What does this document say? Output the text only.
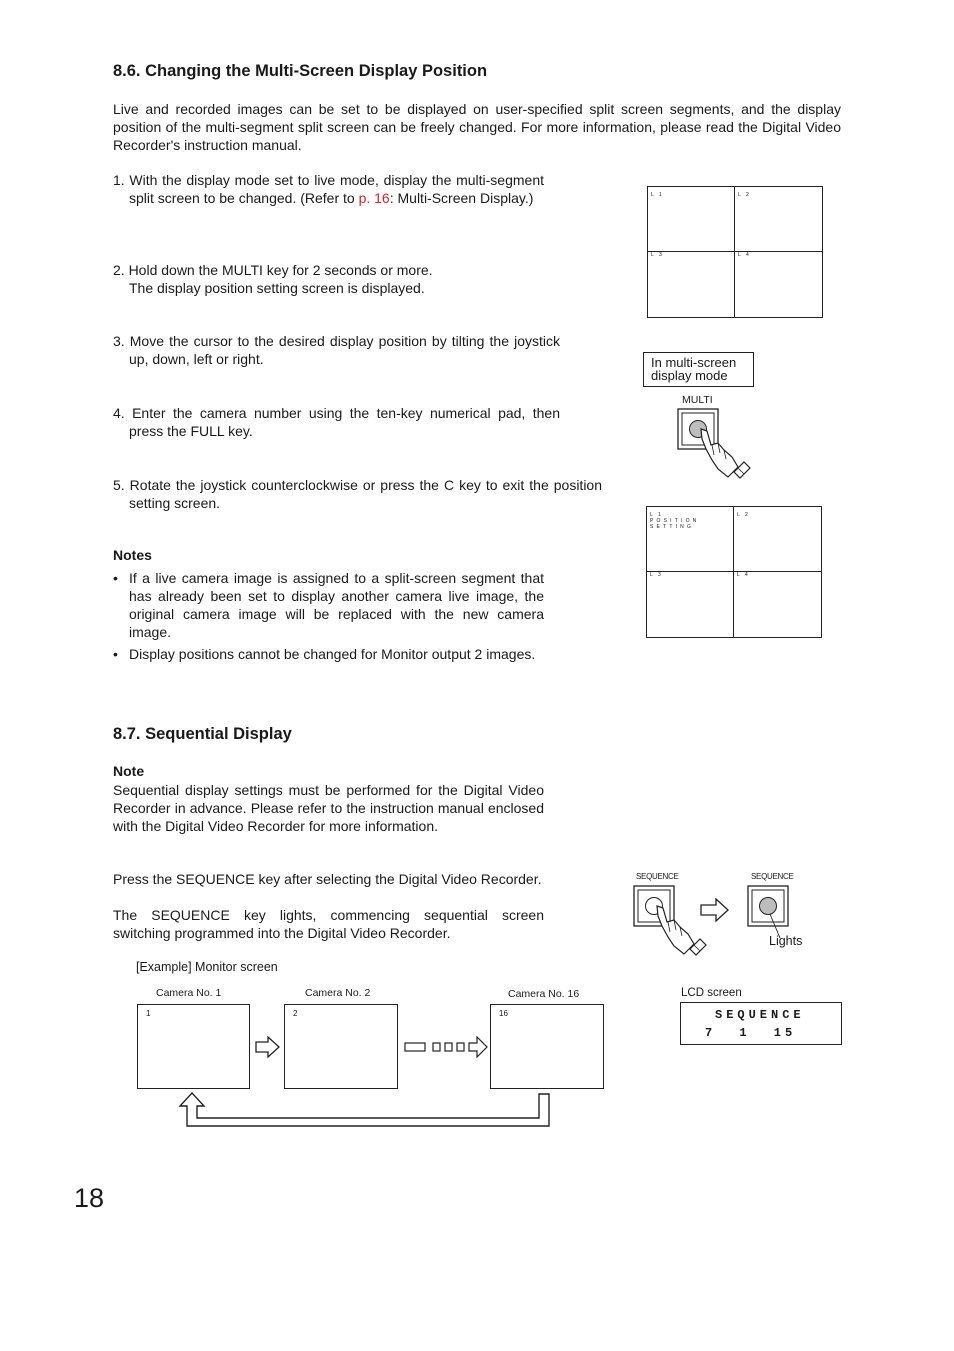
8.6. Changing the Multi-Screen Display Position
Live and recorded images can be set to be displayed on user-specified split screen segments, and the display position of the multi-segment split screen can be freely changed. For more information, please read the Digital Video Recorder's instruction manual.
1. With the display mode set to live mode, display the multi-segment split screen to be changed. (Refer to p. 16: Multi-Screen Display.)
2. Hold down the MULTI key for 2 seconds or more.
The display position setting screen is displayed.
3. Move the cursor to the desired display position by tilting the joystick up, down, left or right.
4. Enter the camera number using the ten-key numerical pad, then press the FULL key.
5. Rotate the joystick counterclockwise or press the C key to exit the position setting screen.
Notes
• If a live camera image is assigned to a split-screen segment that has already been set to display another camera live image, the original camera image will be replaced with the new camera image.
• Display positions cannot be changed for Monitor output 2 images.
L 1	L 2
L 3	L 4
In multi-screen
display mode
MULTI
L 1
POSITION SETTING
L 2
L 3	L 4
8.7. Sequential Display
Note
Sequential display settings must be performed for the Digital Video Recorder in advance. Please refer to the instruction manual enclosed with the Digital Video Recorder for more information.
Press the SEQUENCE key after selecting the Digital Video Recorder.
The SEQUENCE key lights, commencing sequential screen switching programmed into the Digital Video Recorder.
SEQUENCE	SEQUENCE
Lights
[Example] Monitor screen
Camera No. 1
1
Camera No. 2
2
Camera No. 16
16
LCD screen
SEQUENCE
7 1 15
18
